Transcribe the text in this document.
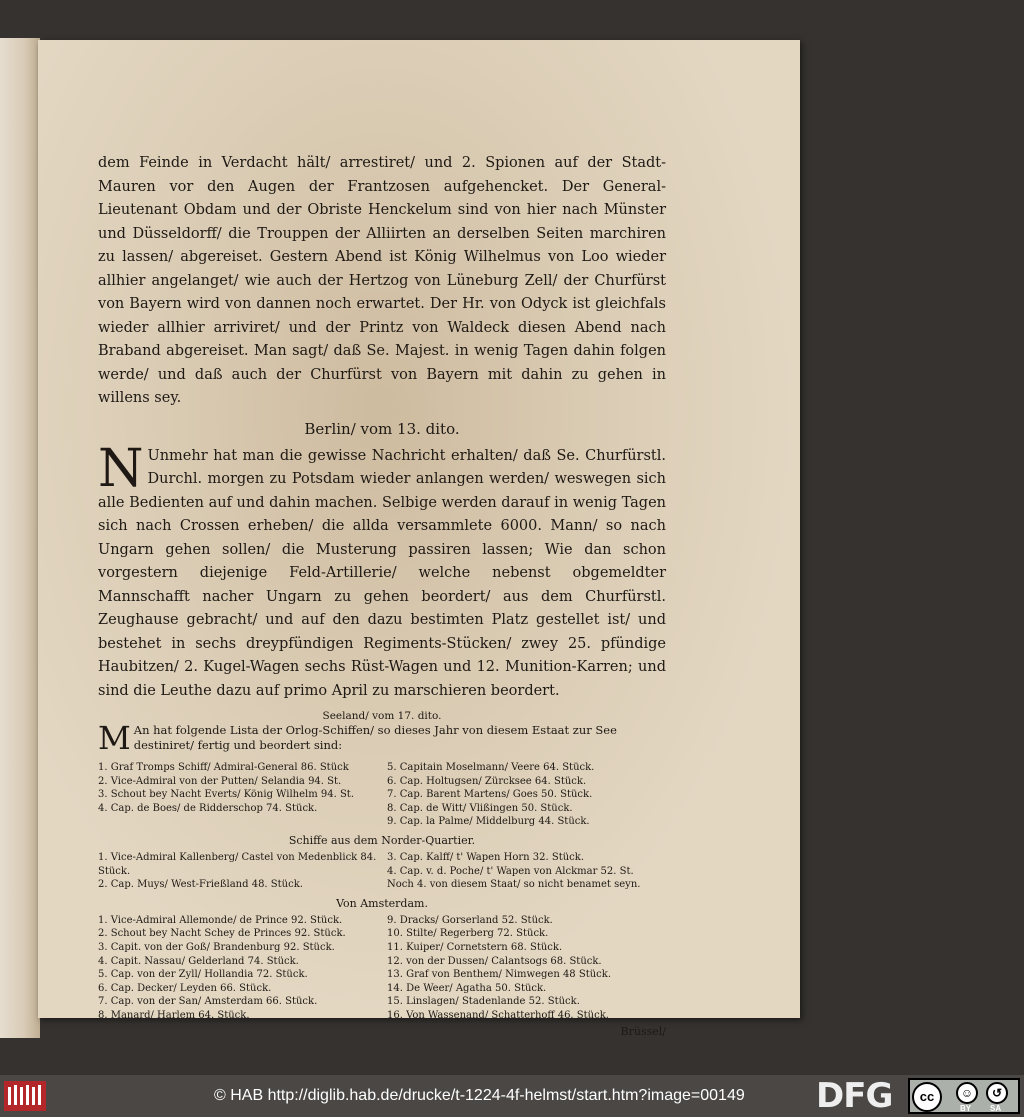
dem Feinde in Verdacht hält/ arrestiret/ und 2. Spionen auf der Stadt-Mauren vor den Augen der Frantzosen aufgehencket. Der General-Lieutenant Obdam und der Obriste Henckelum sind von hier nach Münster und Düsseldorff/ die Trouppen der Alliirten an derselben Seiten marchiren zu lassen/ abgereiset. Gestern Abend ist König Wilhelmus von Loo wieder allhier angelanget/ wie auch der Hertzog von Lüneburg Zell/ der Churfürst von Bayern wird von dannen noch erwartet. Der Hr. von Odyck ist gleichfals wieder allhier arriviret/ und der Printz von Waldeck diesen Abend nach Braband abgereiset. Man sagt/ daß Se. Majest. in wenig Tagen dahin folgen werde/ und daß auch der Churfürst von Bayern mit dahin zu gehen in willens sey.

Berlin/ vom 13. dito.

N Unmehr hat man die gewisse Nachricht erhalten/ daß Se. Churfürstl. Durchl. morgen zu Potsdam wieder anlangen werden/ weswegen sich alle Bedienten auf und dahin machen. Selbige werden darauf in wenig Tagen sich nach Crossen erheben/ die allda versammlete 6000. Mann/ so nach Ungarn gehen sollen/ die Musterung passiren lassen; Wie dan schon vorgestern diejenige Feld-Artillerie/ welche nebenst obgemeldter Mannschafft nacher Ungarn zu gehen beordert/ aus dem Churfürstl. Zeughause gebracht/ und auf den dazu bestimten Platz gestellet ist/ und bestehet in sechs dreypfündigen Regiments-Stücken/ zwey 25. pfündige Haubitzen/ 2. Kugel-Wagen sechs Rüst-Wagen und 12. Munition-Karren; und sind die Leuthe dazu auf primo April zu marschieren beordert.

Seeland/ vom 17. dito.

M An hat folgende Lista der Orlog-Schiffen/ so dieses Jahr von diesem Estaat zur See destiniret/ fertig und beordert sind:

1. Graf Tromps Schiff/ Admiral-General 86. Stück

2. Vice-Admiral von der Putten/ Selandia 94. St.

3. Schout bey Nacht Everts/ König Wilhelm 94. St.

4. Cap. de Boes/ de Ridderschop 74. Stück.

5. Capitain Moselmann/ Veere 64. Stück.

6. Cap. Holtugsen/ Zürcksee 64. Stück.

7. Cap. Barent Martens/ Goes 50. Stück.

8. Cap. de Witt/ Vlißingen 50. Stück.

9. Cap. la Palme/ Middelburg 44. Stück.

Schiffe aus dem Norder-Quartier.

1. Vice-Admiral Kallenberg/ Castel von Medenblick 84. Stück.

2. Cap. Muys/ West-Frießland 48. Stück.

3. Cap. Kalff/ t' Wapen Horn 32. Stück.

4. Cap. v. d. Poche/ t' Wapen von Alckmar 52. St.

Noch 4. von diesem Staat/ so nicht benamet seyn.

Von Amsterdam.

1. Vice-Admiral Allemonde/ de Prince 92. Stück.

2. Schout bey Nacht Schey de Princes 92. Stück.

3. Capit. von der Goß/ Brandenburg 92. Stück.

4. Capit. Nassau/ Gelderland 74. Stück.

5. Cap. von der Zyll/ Hollandia 72. Stück.

6. Cap. Decker/ Leyden 66. Stück.

7. Cap. von der San/ Amsterdam 66. Stück.

8. Manard/ Harlem 64. Stück.

9. Dracks/ Gorserland 52. Stück.

10. Stilte/ Regerberg 72. Stück.

11. Kuiper/ Cornetstern 68. Stück.

12. von der Dussen/ Calantsogs 68. Stück.

13. Graf von Benthem/ Nimwegen 48 Stück.

14. De Weer/ Agatha 50. Stück.

15. Linslagen/ Stadenlande 52. Stück.

16. Von Wassenand/ Schatterhoff 46. Stück.

Brüssel/
© HAB http://diglib.hab.de/drucke/t-1224-4f-helmst/start.htm?image=00149 DFG	cc	☺	↺
BY SA
